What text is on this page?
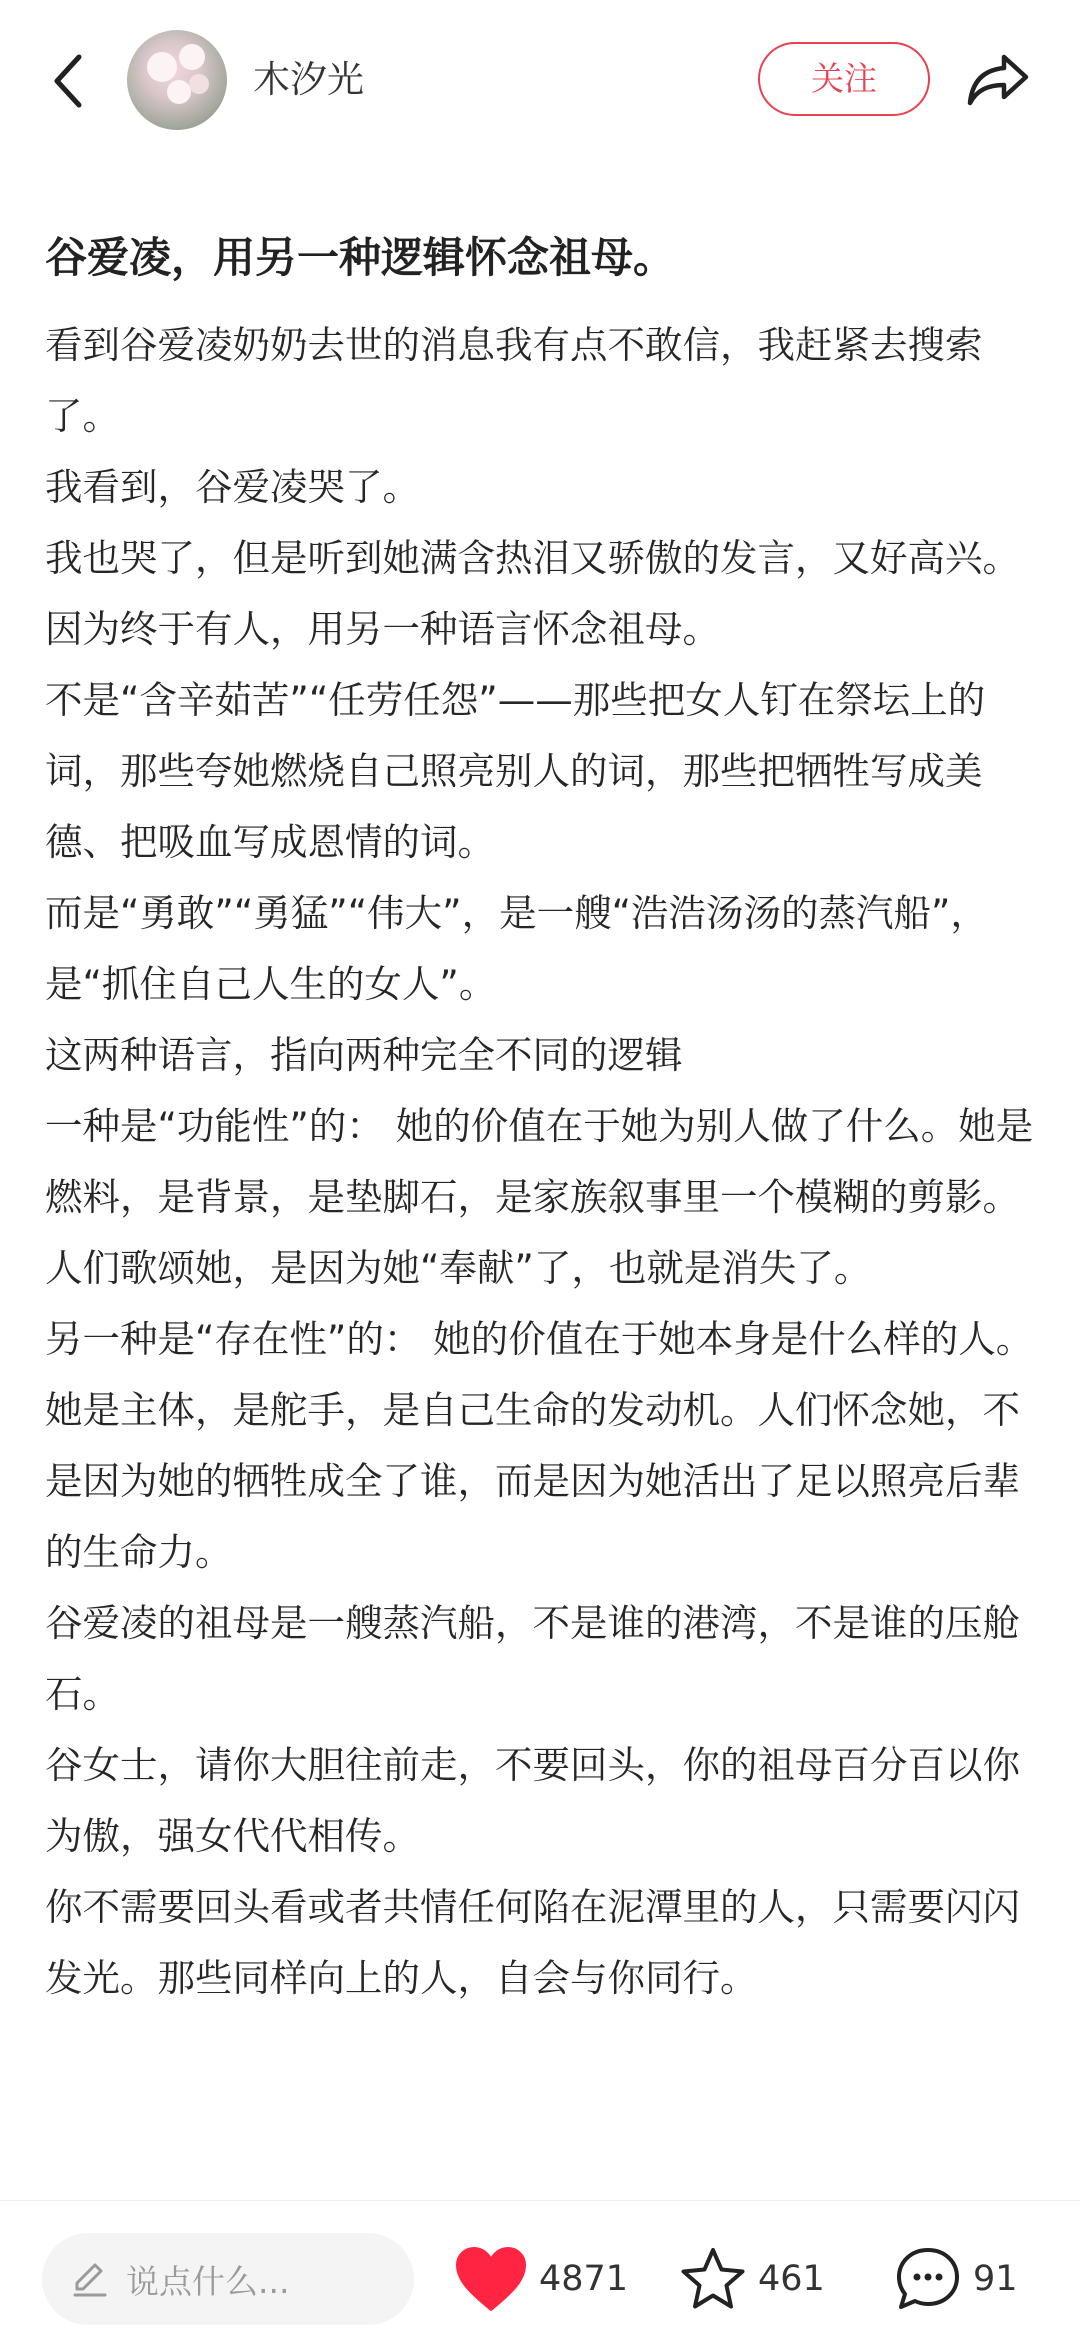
木汐光	关注
谷爱凌，用另一种逻辑怀念祖母。

看到谷爱凌奶奶去世的消息我有点不敢信，我赶紧去搜索了。

我看到，谷爱凌哭了。

我也哭了，但是听到她满含热泪又骄傲的发言，又好高兴。

因为终于有人，用另一种语言怀念祖母。

不是“含辛茹苦”“任劳任怨”——那些把女人钉在祭坛上的词，那些夸她燃烧自己照亮别人的词，那些把牺牲写成美德、把吸血写成恩情的词。

而是“勇敢”“勇猛”“伟大”，是一艘“浩浩汤汤的蒸汽船”，是“抓住自己人生的女人”。

这两种语言，指向两种完全不同的逻辑

一种是“功能性”的： 她的价值在于她为别人做了什么。她是燃料，是背景，是垫脚石，是家族叙事里一个模糊的剪影。人们歌颂她，是因为她“奉献”了，也就是消失了。

另一种是“存在性”的： 她的价值在于她本身是什么样的人。她是主体，是舵手，是自己生命的发动机。人们怀念她，不是因为她的牺牲成全了谁，而是因为她活出了足以照亮后辈的生命力。

谷爱凌的祖母是一艘蒸汽船，不是谁的港湾，不是谁的压舱石。

谷女士，请你大胆往前走，不要回头，你的祖母百分百以你为傲，强女代代相传。

你不需要回头看或者共情任何陷在泥潭里的人，只需要闪闪发光。那些同样向上的人，自会与你同行。

说点什么...	4871	461	91
